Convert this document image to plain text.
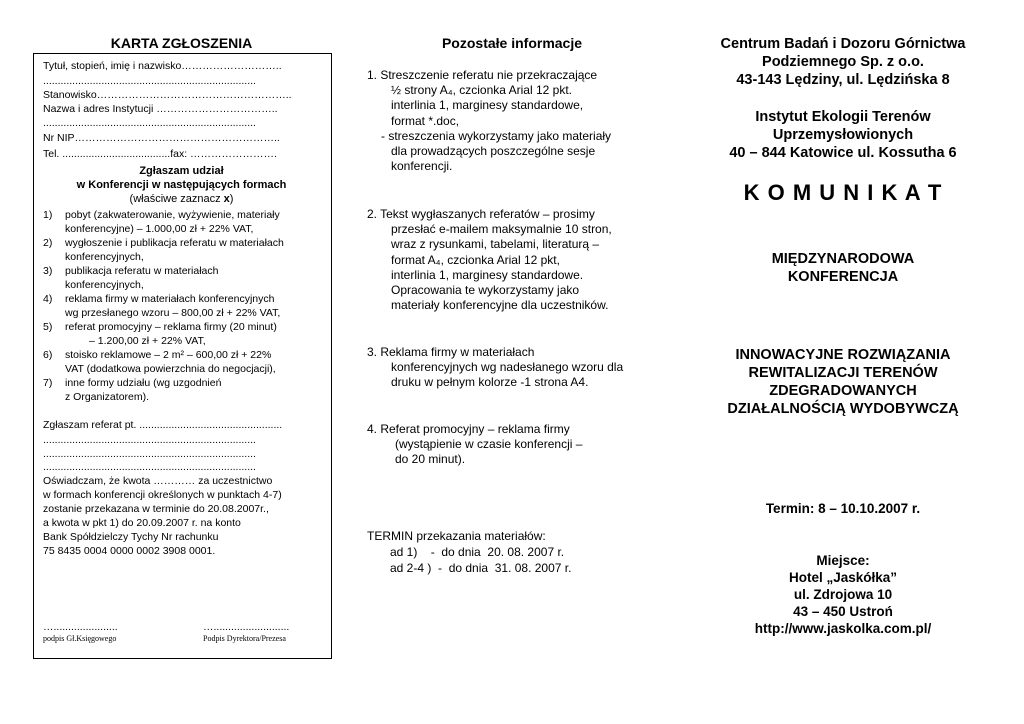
KARTA ZGŁOSZENIA
Tytuł, stopień, imię i nazwisko………………………..
.........................................................................
Stanowisko………………………………………………..
Nazwa i adres Instytucji ……………………………..
.........................................................................
Nr NIP…………………………………………………..
Tel. .....................................fax: …………………….
Zgłaszam udział
w Konferencji w następujących formach
(właściwe zaznacz x)
1) pobyt (zakwaterowanie, wyżywienie, materiały
konferencyjne) – 1.000,00 zł + 22% VAT,
2) wygłoszenie i publikacja referatu w materiałach
konferencyjnych,
3) publikacja referatu w materiałach
konferencyjnych,
4) reklama firmy w materiałach konferencyjnych
wg przesłanego wzoru – 800,00 zł + 22% VAT,
5) referat promocyjny – reklama firmy (20 minut)
– 1.200,00 zł + 22% VAT,
6) stoisko reklamowe – 2 m² – 600,00 zł + 22%
VAT (dodatkowa powierzchnia do negocjacji),
7) inne formy udziału (wg uzgodnień
z Organizatorem).
Zgłaszam referat pt. .................................................
.........................................................................
.........................................................................
.........................................................................
Oświadczam, że kwota ………… za uczestnictwo
w formach konferencji określonych w punktach 4-7)
zostanie przekazana w terminie do 20.08.2007r.,
a kwota w pkt 1) do 20.09.2007 r. na konto
Bank Spółdzielczy Tychy Nr rachunku
75 8435 0004 0000 0002 3908 0001.
…......................	…..........................
podpis Gł.Księgowego	Podpis Dyrektora/Prezesa
Pozostałe informacje
1. Streszczenie referatu nie przekraczające
½ strony A₄, czcionka Arial 12 pkt.
interlinia 1, marginesy standardowe,
format *.doc,
- streszczenia wykorzystamy jako materiały
dla prowadzących poszczególne sesje
konferencji.
2. Tekst wygłaszanych referatów – prosimy
przesłać e-mailem maksymalnie 10 stron,
wraz z rysunkami, tabelami, literaturą –
format A₄, czcionka Arial 12 pkt,
interlinia 1, marginesy standardowe.
Opracowania te wykorzystamy jako
materiały konferencyjne dla uczestników.
3. Reklama firmy w materiałach
konferencyjnych wg nadesłanego wzoru dla
druku w pełnym kolorze -1 strona A4.
4. Referat promocyjny – reklama firmy
(wystąpienie w czasie konferencji –
do 20 minut).
TERMIN przekazania materiałów:
ad 1)    -  do dnia  20. 08. 2007 r.
ad 2-4 )  -  do dnia  31. 08. 2007 r.
Centrum Badań i Dozoru Górnictwa
Podziemnego Sp. z o.o.
43-143 Lędziny, ul. Lędzińska 8
Instytut Ekologii Terenów
Uprzemysłowionych
40 – 844 Katowice ul. Kossutha 6
K O M U N I K A T
MIĘDZYNARODOWA
KONFERENCJA
INNOWACYJNE ROZWIĄZANIA
REWITALIZACJI TERENÓW
ZDEGRADOWANYCH
DZIAŁALNOŚCIĄ WYDOBYWCZĄ
Termin: 8 – 10.10.2007 r.
Miejsce:
Hotel „Jaskółka”
ul. Zdrojowa 10
43 – 450 Ustroń
http://www.jaskolka.com.pl/
